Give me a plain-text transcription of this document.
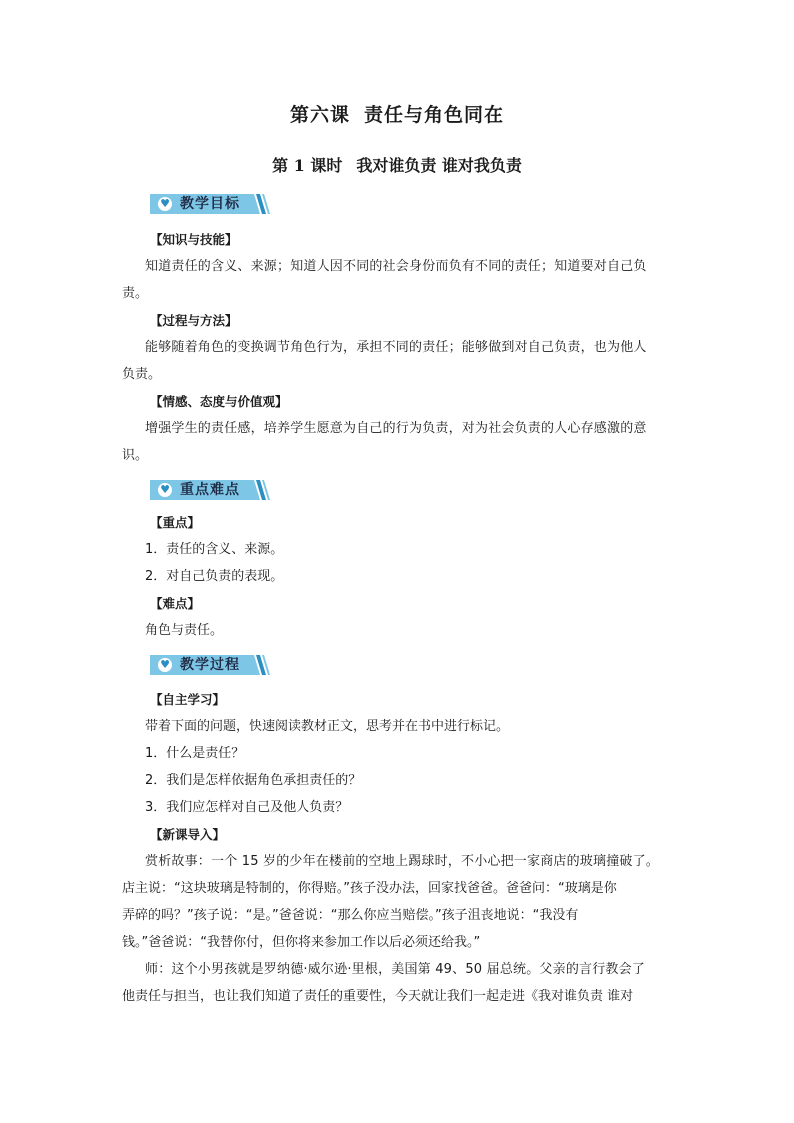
第六课 责任与角色同在
第 1 课时 我对谁负责 谁对我负责
♥ 教学目标
【知识与技能】
知道责任的含义、来源；知道人因不同的社会身份而负有不同的责任；知道要对自己负
责。
【过程与方法】
能够随着角色的变换调节角色行为，承担不同的责任；能够做到对自己负责，也为他人
负责。
【情感、态度与价值观】
增强学生的责任感，培养学生愿意为自己的行为负责，对为社会负责的人心存感激的意
识。
♥ 重点难点
【重点】
1．责任的含义、来源。
2．对自己负责的表现。
【难点】
角色与责任。
♥ 教学过程
【自主学习】
带着下面的问题，快速阅读教材正文，思考并在书中进行标记。
1．什么是责任？
2．我们是怎样依据角色承担责任的？
3．我们应怎样对自己及他人负责？
【新课导入】
赏析故事：一个 15 岁的少年在楼前的空地上踢球时，不小心把一家商店的玻璃撞破了。
店主说：“这块玻璃是特制的，你得赔。”孩子没办法，回家找爸爸。爸爸问：“玻璃是你
弄碎的吗？”孩子说：“是。”爸爸说：“那么你应当赔偿。”孩子沮丧地说：“我没有
钱。”爸爸说：“我替你付，但你将来参加工作以后必须还给我。”
师：这个小男孩就是罗纳德·威尔逊·里根，美国第 49、50 届总统。父亲的言行教会了
他责任与担当，也让我们知道了责任的重要性，今天就让我们一起走进《我对谁负责 谁对
